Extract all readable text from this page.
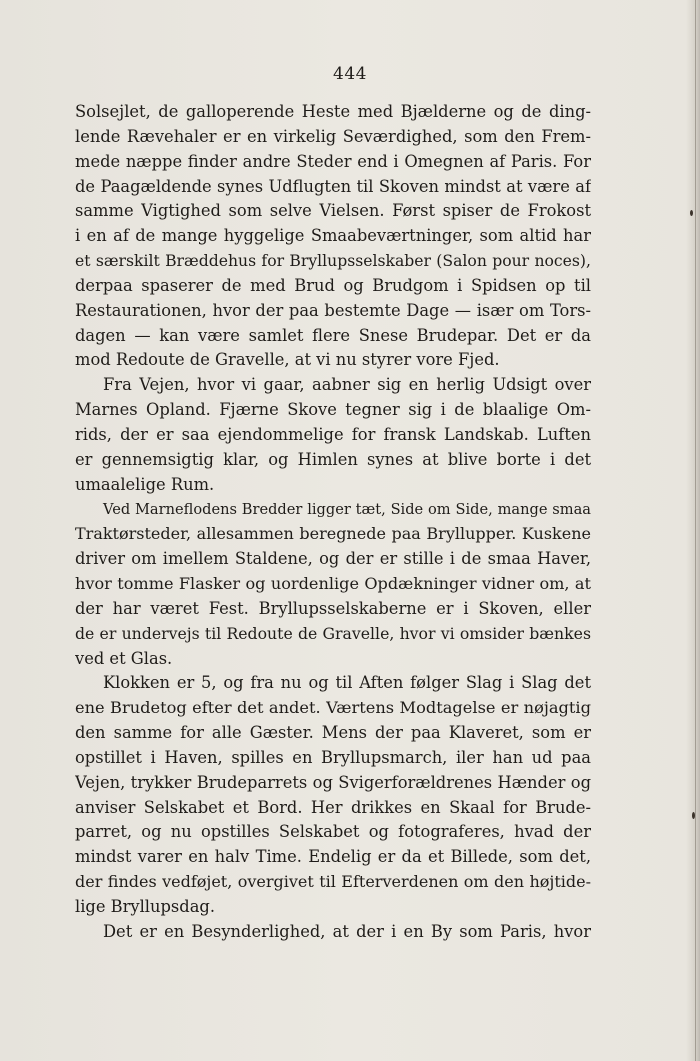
444
Solsejlet, de galloperende Heste med Bjælderne og de ding-
lende Rævehaler er en virkelig Seværdighed, som den Frem-
mede næppe finder andre Steder end i Omegnen af Paris. For
de Paagældende synes Udflugten til Skoven mindst at være af
samme Vigtighed som selve Vielsen. Først spiser de Frokost
i en af de mange hyggelige Smaabeværtninger, som altid har
et særskilt Bræddehus for Bryllupsselskaber (Salon pour noces),
derpaa spaserer de med Brud og Brudgom i Spidsen op til
Restaurationen, hvor der paa bestemte Dage — især om Tors-
dagen — kan være samlet flere Snese Brudepar. Det er da
mod Redoute de Gravelle, at vi nu styrer vore Fjed.
Fra Vejen, hvor vi gaar, aabner sig en herlig Udsigt over
Marnes Opland. Fjærne Skove tegner sig i de blaalige Om-
rids, der er saa ejendommelige for fransk Landskab. Luften
er gennemsigtig klar, og Himlen synes at blive borte i det
umaalelige Rum.
Ved Marneflodens Bredder ligger tæt, Side om Side, mange smaa
Traktørsteder, allesammen beregnede paa Bryllupper. Kuskene
driver om imellem Staldene, og der er stille i de smaa Haver,
hvor tomme Flasker og uordenlige Opdækninger vidner om, at
der har været Fest. Bryllupsselskaberne er i Skoven, eller
de er undervejs til Redoute de Gravelle, hvor vi omsider bænkes
ved et Glas.
Klokken er 5, og fra nu og til Aften følger Slag i Slag det
ene Brudetog efter det andet. Værtens Modtagelse er nøjagtig
den samme for alle Gæster. Mens der paa Klaveret, som er
opstillet i Haven, spilles en Bryllupsmarch, iler han ud paa
Vejen, trykker Brudeparrets og Svigerforældrenes Hænder og
anviser Selskabet et Bord. Her drikkes en Skaal for Brude-
parret, og nu opstilles Selskabet og fotograferes, hvad der
mindst varer en halv Time. Endelig er da et Billede, som det,
der findes vedføjet, overgivet til Efterverdenen om den højtide-
lige Bryllupsdag.
Det er en Besynderlighed, at der i en By som Paris, hvor
